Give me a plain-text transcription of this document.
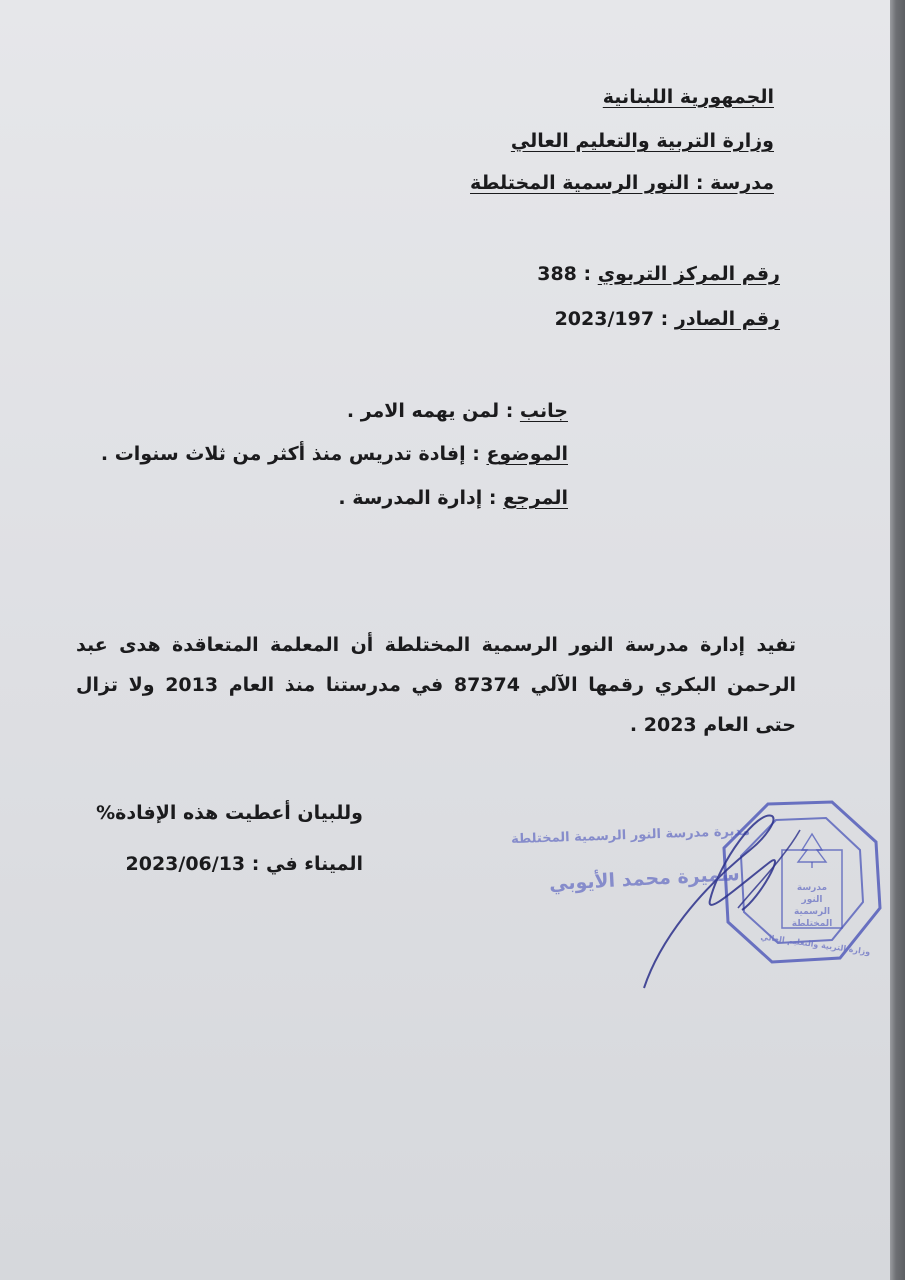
الجمهورية اللبنانية
وزارة التربية والتعليم العالي
مدرسة : النور الرسمية المختلطة
رقم المركز التربوي : 388
رقم الصادر : 2023/197
جانب : لمن يهمه الامر .
الموضوع : إفادة تدريس منذ أكثر من ثلاث سنوات .
المرجع : إدارة المدرسة .
تفيد إدارة مدرسة النور الرسمية المختلطة أن المعلمة المتعاقدة هدى عبد الرحمن البكري رقمها الآلي 87374 في مدرستنا منذ العام 2013 ولا تزال حتى العام 2023 .
وللبيان أعطيت هذه الإفادة%
الميناء في : 2023/06/13
مديرة مدرسة النور الرسمية المختلطة
سميرة محمد الأيوبي	مدرسة النور الرسمية المختلطة
وزارة التربية والتعليم العالي
